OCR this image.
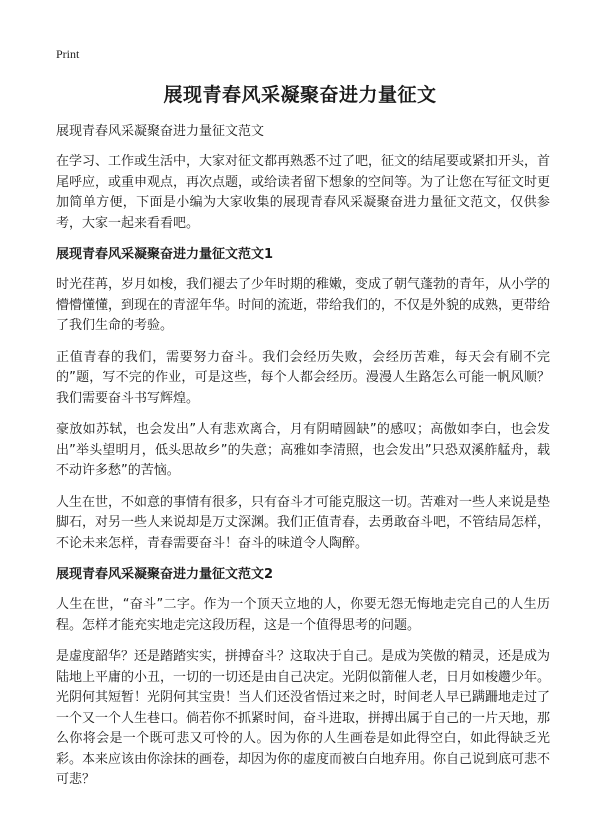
Print
展现青春风采凝聚奋进力量征文

展现青春风采凝聚奋进力量征文范文

在学习、工作或生活中，大家对征文都再熟悉不过了吧，征文的结尾要或紧扣开头，首尾呼应，或重申观点，再次点题，或给读者留下想象的空间等。为了让您在写征文时更加简单方便，下面是小编为大家收集的展现青春风采凝聚奋进力量征文范文，仅供参考，大家一起来看看吧。

展现青春风采凝聚奋进力量征文范文1

时光荏苒，岁月如梭，我们褪去了少年时期的稚嫩，变成了朝气蓬勃的青年，从小学的懵懵懂懂，到现在的青涩年华。时间的流逝，带给我们的，不仅是外貌的成熟，更带给了我们生命的考验。

正值青春的我们，需要努力奋斗。我们会经历失败，会经历苦难，每天会有刷不完的”题，写不完的作业，可是这些，每个人都会经历。漫漫人生路怎么可能一帆风顺？我们需要奋斗书写辉煌。

豪放如苏轼，也会发出”人有悲欢离合，月有阴晴圆缺”的感叹；高傲如李白，也会发出”举头望明月，低头思故乡”的失意；高雅如李清照，也会发出”只恐双溪舴艋舟，载不动许多愁”的苦恼。

人生在世，不如意的事情有很多，只有奋斗才可能克服这一切。苦难对一些人来说是垫脚石，对另一些人来说却是万丈深渊。我们正值青春，去勇敢奋斗吧，不管结局怎样，不论未来怎样，青春需要奋斗！奋斗的味道令人陶醉。

展现青春风采凝聚奋进力量征文范文2

人生在世，“奋斗”二字。作为一个顶天立地的人，你要无怨无悔地走完自己的人生历程。怎样才能充实地走完这段历程，这是一个值得思考的问题。

是虚度韶华？还是踏踏实实，拼搏奋斗？这取决于自己。是成为笑傲的精灵，还是成为陆地上平庸的小丑，一切的一切还是由自己决定。光阴似箭催人老，日月如梭趱少年。光阴何其短暂！光阴何其宝贵！当人们还没省悟过来之时，时间老人早已蹒跚地走过了一个又一个人生巷口。倘若你不抓紧时间，奋斗进取，拼搏出属于自己的一片天地，那么你将会是一个既可悲又可怜的人。因为你的人生画卷是如此得空白，如此得缺乏光彩。本来应该由你涂抹的画卷，却因为你的虚度而被白白地弃用。你自己说到底可悲不可悲？
